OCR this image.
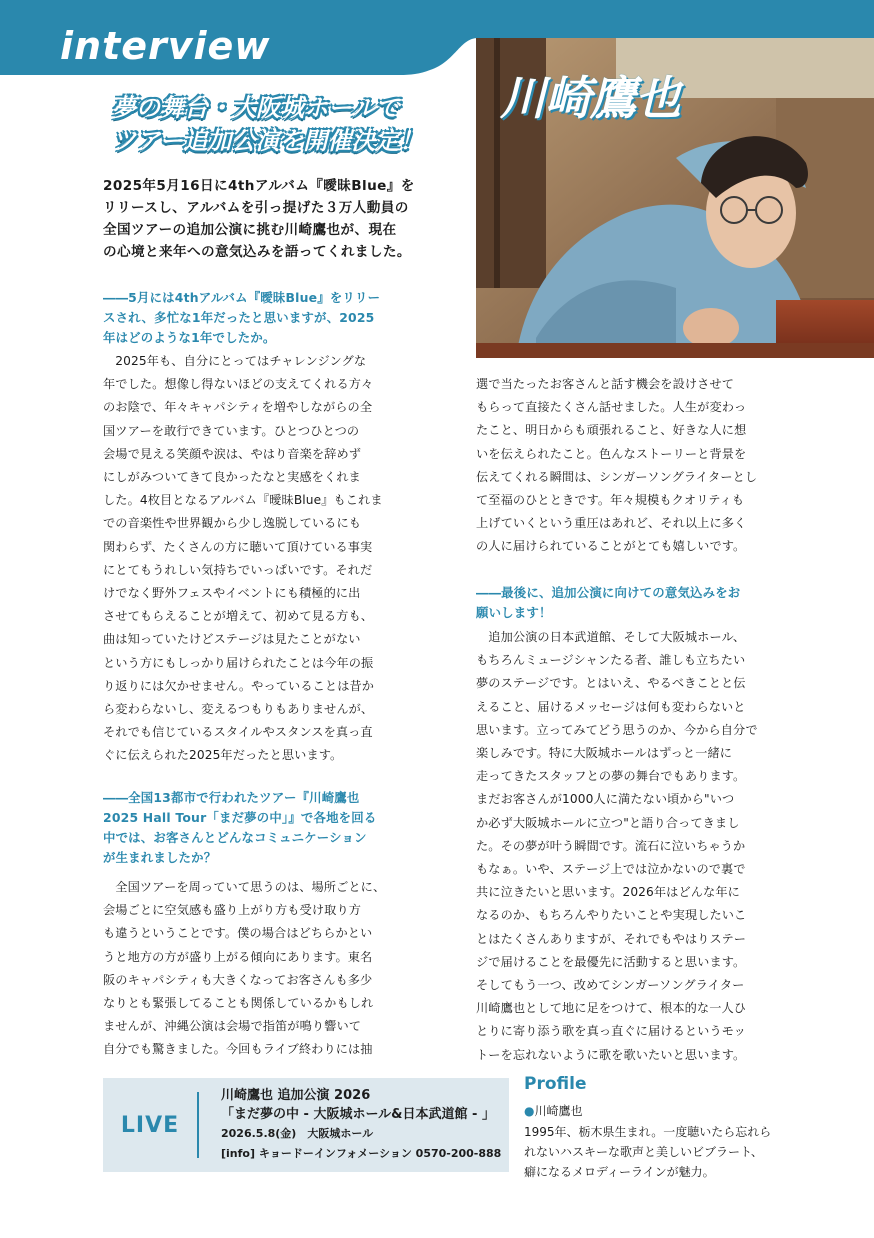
interview
川崎鷹也
夢の舞台・大阪城ホールで
ツアー追加公演を開催決定！
2025年5月16日に4thアルバム『曖昧Blue』を
リリースし、アルバムを引っ提げた３万人動員の
全国ツアーの追加公演に挑む川崎鷹也が、現在
の心境と来年への意気込みを語ってくれました。
――5月には4thアルバム『曖昧Blue』をリリー
スされ、多忙な1年だったと思いますが、2025
年はどのような1年でしたか。
　2025年も、自分にとってはチャレンジングな
年でした。想像し得ないほどの支えてくれる方々
のお陰で、年々キャパシティを増やしながらの全
国ツアーを敢行できています。ひとつひとつの
会場で見える笑顔や涙は、やはり音楽を辞めず
にしがみついてきて良かったなと実感をくれま
した。4枚目となるアルバム『曖昧Blue』もこれま
での音楽性や世界観から少し逸脱しているにも
関わらず、たくさんの方に聴いて頂けている事実
にとてもうれしい気持ちでいっぱいです。それだ
けでなく野外フェスやイベントにも積極的に出
させてもらえることが増えて、初めて見る方も、
曲は知っていたけどステージは見たことがない
という方にもしっかり届けられたことは今年の振
り返りには欠かせません。やっていることは昔か
ら変わらないし、変えるつもりもありませんが、
それでも信じているスタイルやスタンスを真っ直
ぐに伝えられた2025年だったと思います。
――全国13都市で行われたツアー『川崎鷹也
2025 Hall Tour「まだ夢の中」』で各地を回る
中では、お客さんとどんなコミュニケーション
が生まれましたか？
　全国ツアーを周っていて思うのは、場所ごとに、
会場ごとに空気感も盛り上がり方も受け取り方
も違うということです。僕の場合はどちらかとい
うと地方の方が盛り上がる傾向にあります。東名
阪のキャパシティも大きくなってお客さんも多少
なりとも緊張してることも関係しているかもしれ
ませんが、沖縄公演は会場で指笛が鳴り響いて
自分でも驚きました。今回もライブ終わりには抽
選で当たったお客さんと話す機会を設けさせて
もらって直接たくさん話せました。人生が変わっ
たこと、明日からも頑張れること、好きな人に想
いを伝えられたこと。色んなストーリーと背景を
伝えてくれる瞬間は、シンガーソングライターとし
て至福のひとときです。年々規模もクオリティも
上げていくという重圧はあれど、それ以上に多く
の人に届けられていることがとても嬉しいです。
――最後に、追加公演に向けての意気込みをお
願いします！
　追加公演の日本武道館、そして大阪城ホール、
もちろんミュージシャンたる者、誰しも立ちたい
夢のステージです。とはいえ、やるべきことと伝
えること、届けるメッセージは何も変わらないと
思います。立ってみてどう思うのか、今から自分で
楽しみです。特に大阪城ホールはずっと一緒に
走ってきたスタッフとの夢の舞台でもあります。
まだお客さんが1000人に満たない頃から"いつ
か必ず大阪城ホールに立つ"と語り合ってきまし
た。その夢が叶う瞬間です。流石に泣いちゃうか
もなぁ。いや、ステージ上では泣かないので裏で
共に泣きたいと思います。2026年はどんな年に
なるのか、もちろんやりたいことや実現したいこ
とはたくさんありますが、それでもやはりステー
ジで届けることを最優先に活動すると思います。
そしてもう一つ、改めてシンガーソングライター
川崎鷹也として地に足をつけて、根本的な一人ひ
とりに寄り添う歌を真っ直ぐに届けるというモッ
トーを忘れないように歌を歌いたいと思います。
LIVE
川崎鷹也 追加公演 2026
「まだ夢の中 - 大阪城ホール&日本武道館 - 」
2026.5.8(金)　大阪城ホール
[info] キョードーインフォメーション 0570-200-888
Profile
●川崎鷹也
1995年、栃木県生まれ。一度聴いたら忘れら
れないハスキーな歌声と美しいビブラート、
癖になるメロディーラインが魅力。
